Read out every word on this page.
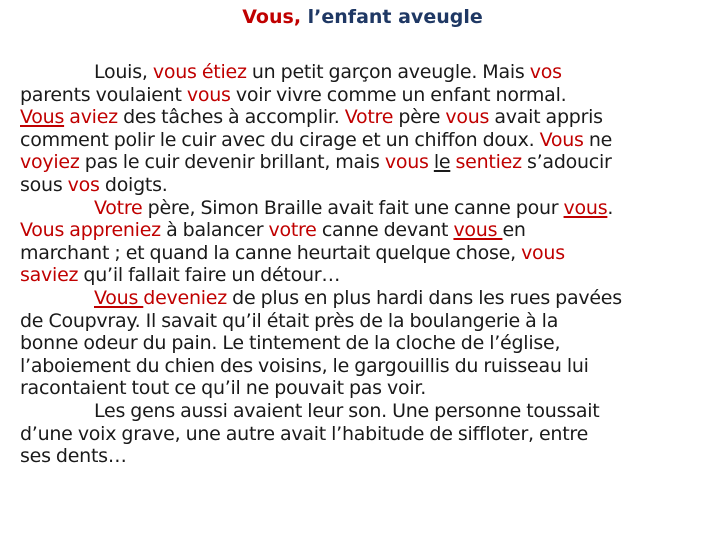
Vous, l’enfant aveugle
Louis, vous étiez un petit garçon aveugle. Mais vos
parents voulaient vous voir vivre comme un enfant normal.
Vous aviez des tâches à accomplir. Votre père vous avait appris
comment polir le cuir avec du cirage et un chiffon doux. Vous ne
voyiez pas le cuir devenir brillant, mais vous le sentiez s’adoucir
sous vos doigts.
Votre père, Simon Braille avait fait une canne pour vous.
Vous appreniez à balancer votre canne devant vous en
marchant ; et quand la canne heurtait quelque chose, vous
saviez qu’il fallait faire un détour…
Vous deveniez de plus en plus hardi dans les rues pavées
de Coupvray. Il savait qu’il était près de la boulangerie à la
bonne odeur du pain. Le tintement de la cloche de l’église,
l’aboiement du chien des voisins, le gargouillis du ruisseau lui
racontaient tout ce qu’il ne pouvait pas voir.
Les gens aussi avaient leur son. Une personne toussait
d’une voix grave, une autre avait l’habitude de siffloter, entre
ses dents…
